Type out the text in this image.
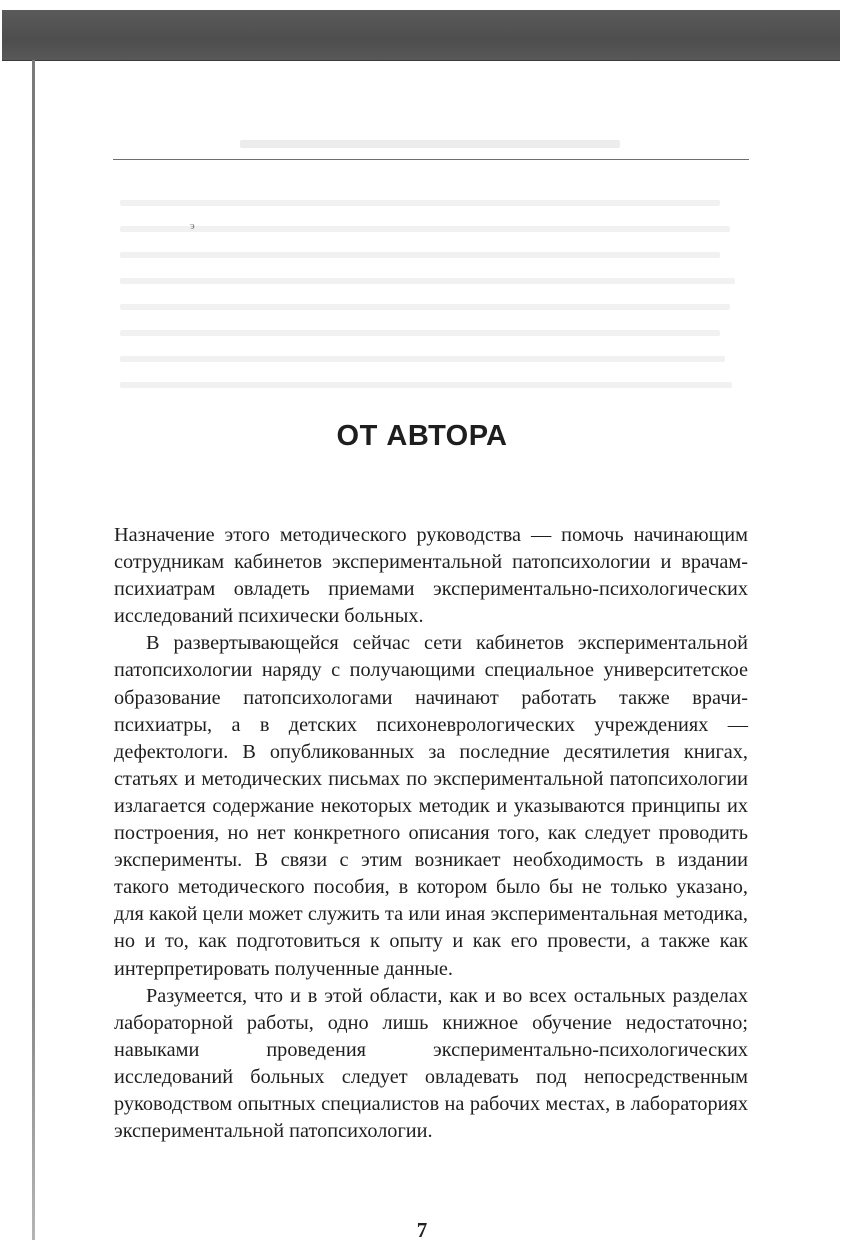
э
ОТ АВТОРА

Назначение этого методического руководства — помочь начинающим сотрудникам кабинетов экспериментальной патопсихологии и врачам-психиатрам овладеть приемами экспериментально-психологических исследований психически больных.

В развертывающейся сейчас сети кабинетов экспериментальной патопсихологии наряду с получающими специальное университетское образование патопсихологами начинают работать также врачи-психиатры, а в детских психоневрологических учреждениях — дефектологи. В опубликованных за последние десятилетия книгах, статьях и методических письмах по экспериментальной патопсихологии излагается содержание некоторых методик и указываются принципы их построения, но нет конкретного описания того, как следует проводить эксперименты. В связи с этим возникает необходимость в издании такого методического пособия, в котором было бы не только указано, для какой цели может служить та или иная экспериментальная методика, но и то, как подготовиться к опыту и как его провести, а также как интерпретировать полученные данные.

Разумеется, что и в этой области, как и во всех остальных разделах лабораторной работы, одно лишь книжное обучение недостаточно; навыками проведения экспериментально-психологических исследований больных следует овладевать под непосредственным руководством опытных специалистов на рабочих местах, в лабораториях экспериментальной патопсихологии.

7
